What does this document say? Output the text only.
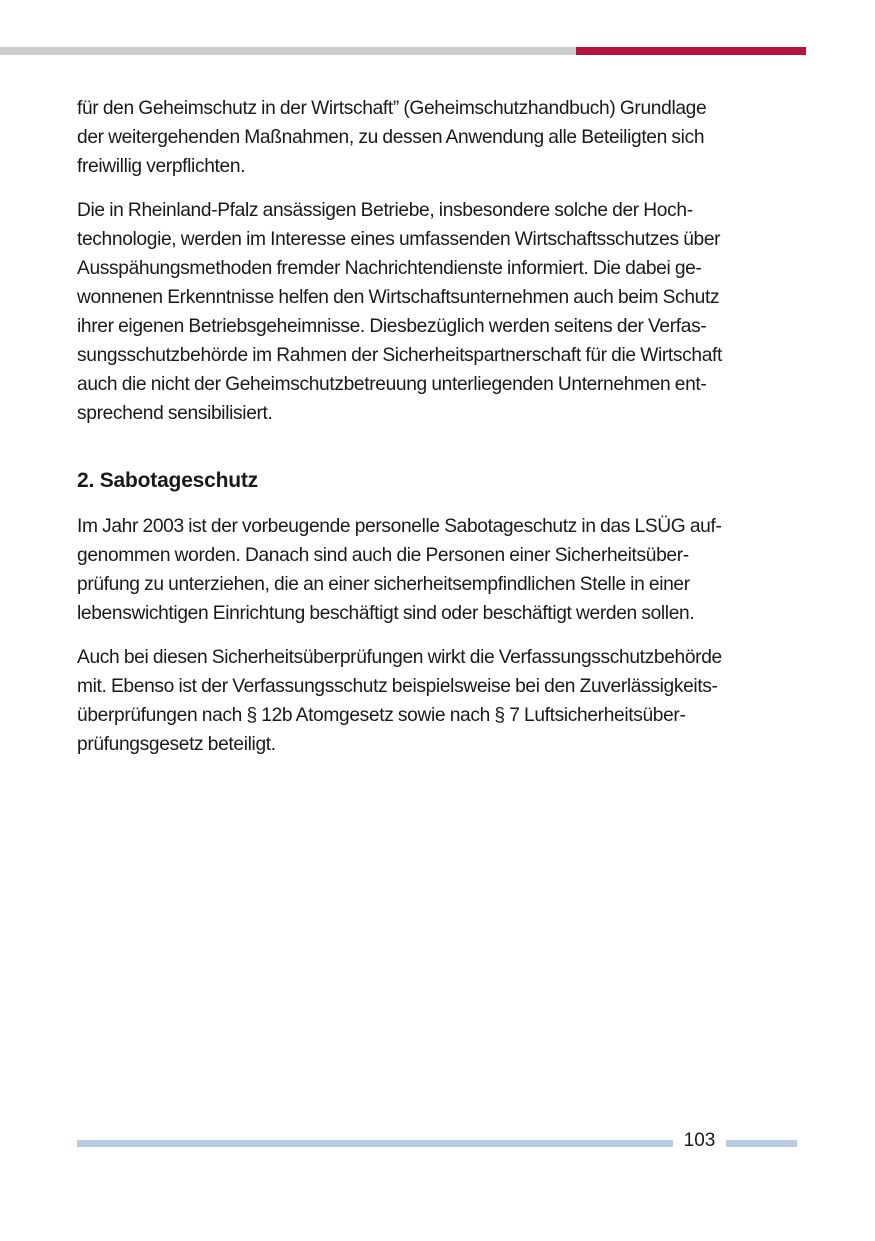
für den Geheimschutz in der Wirtschaft” (Geheimschutzhandbuch) Grundlage
der weitergehenden Maßnahmen, zu dessen Anwendung alle Beteiligten sich
freiwillig verpflichten.

Die in Rheinland-Pfalz ansässigen Betriebe, insbesondere solche der Hoch-
technologie, werden im Interesse eines umfassenden Wirtschaftsschutzes über
Ausspähungsmethoden fremder Nachrichtendienste informiert. Die dabei ge-
wonnenen Erkenntnisse helfen den Wirtschaftsunternehmen auch beim Schutz
ihrer eigenen Betriebsgeheimnisse. Diesbezüglich werden seitens der Verfas-
sungsschutzbehörde im Rahmen der Sicherheitspartnerschaft für die Wirtschaft
auch die nicht der Geheimschutzbetreuung unterliegenden Unternehmen ent-
sprechend sensibilisiert.

2. Sabotageschutz

Im Jahr 2003 ist der vorbeugende personelle Sabotageschutz in das LSÜG auf-
genommen worden. Danach sind auch die Personen einer Sicherheitsüber-
prüfung zu unterziehen, die an einer sicherheitsempfindlichen Stelle in einer
lebenswichtigen Einrichtung beschäftigt sind oder beschäftigt werden sollen.

Auch bei diesen Sicherheitsüberprüfungen wirkt die Verfassungsschutzbehörde
mit. Ebenso ist der Verfassungsschutz beispielsweise bei den Zuverlässigkeits-
überprüfungen nach § 12b Atomgesetz sowie nach § 7 Luftsicherheitsüber-
prüfungsgesetz beteiligt.

103
